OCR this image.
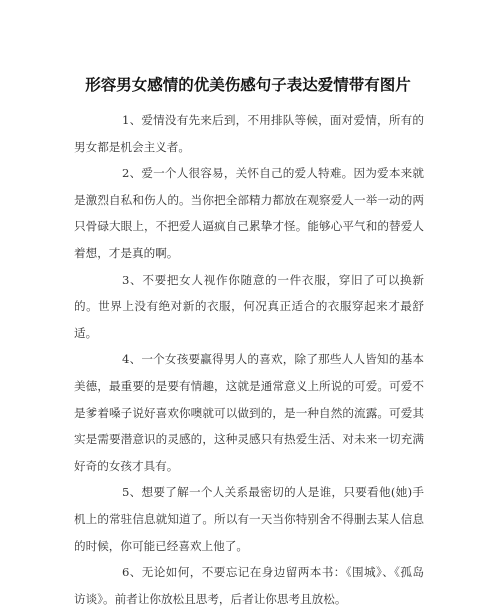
形容男女感情的优美伤感句子表达爱情带有图片

1、爱情没有先来后到，不用排队等候，面对爱情，所有的男女都是机会主义者。

2、爱一个人很容易，关怀自己的爱人特难。因为爱本来就是激烈自私和伤人的。当你把全部精力都放在观察爱人一举一动的两只骨碌大眼上，不把爱人逼疯自己累挚才怪。能够心平气和的替爱人着想，才是真的啊。

3、不要把女人视作你随意的一件衣服，穿旧了可以换新的。世界上没有绝对新的衣服，何况真正适合的衣服穿起来才最舒适。

4、一个女孩要赢得男人的喜欢，除了那些人人皆知的基本美德，最重要的是要有情趣，这就是通常意义上所说的可爱。可爱不是爹着嗓子说好喜欢你噢就可以做到的，是一种自然的流露。可爱其实是需要潜意识的灵感的，这种灵感只有热爱生活、对未来一切充满好奇的女孩才具有。

5、想要了解一个人关系最密切的人是谁，只要看他(她)手机上的常驻信息就知道了。所以有一天当你特别舍不得删去某人信息的时候，你可能已经喜欢上他了。

6、无论如何，不要忘记在身边留两本书：《围城》、《孤岛访谈》。前者让你放松且思考，后者让你思考且放松。
